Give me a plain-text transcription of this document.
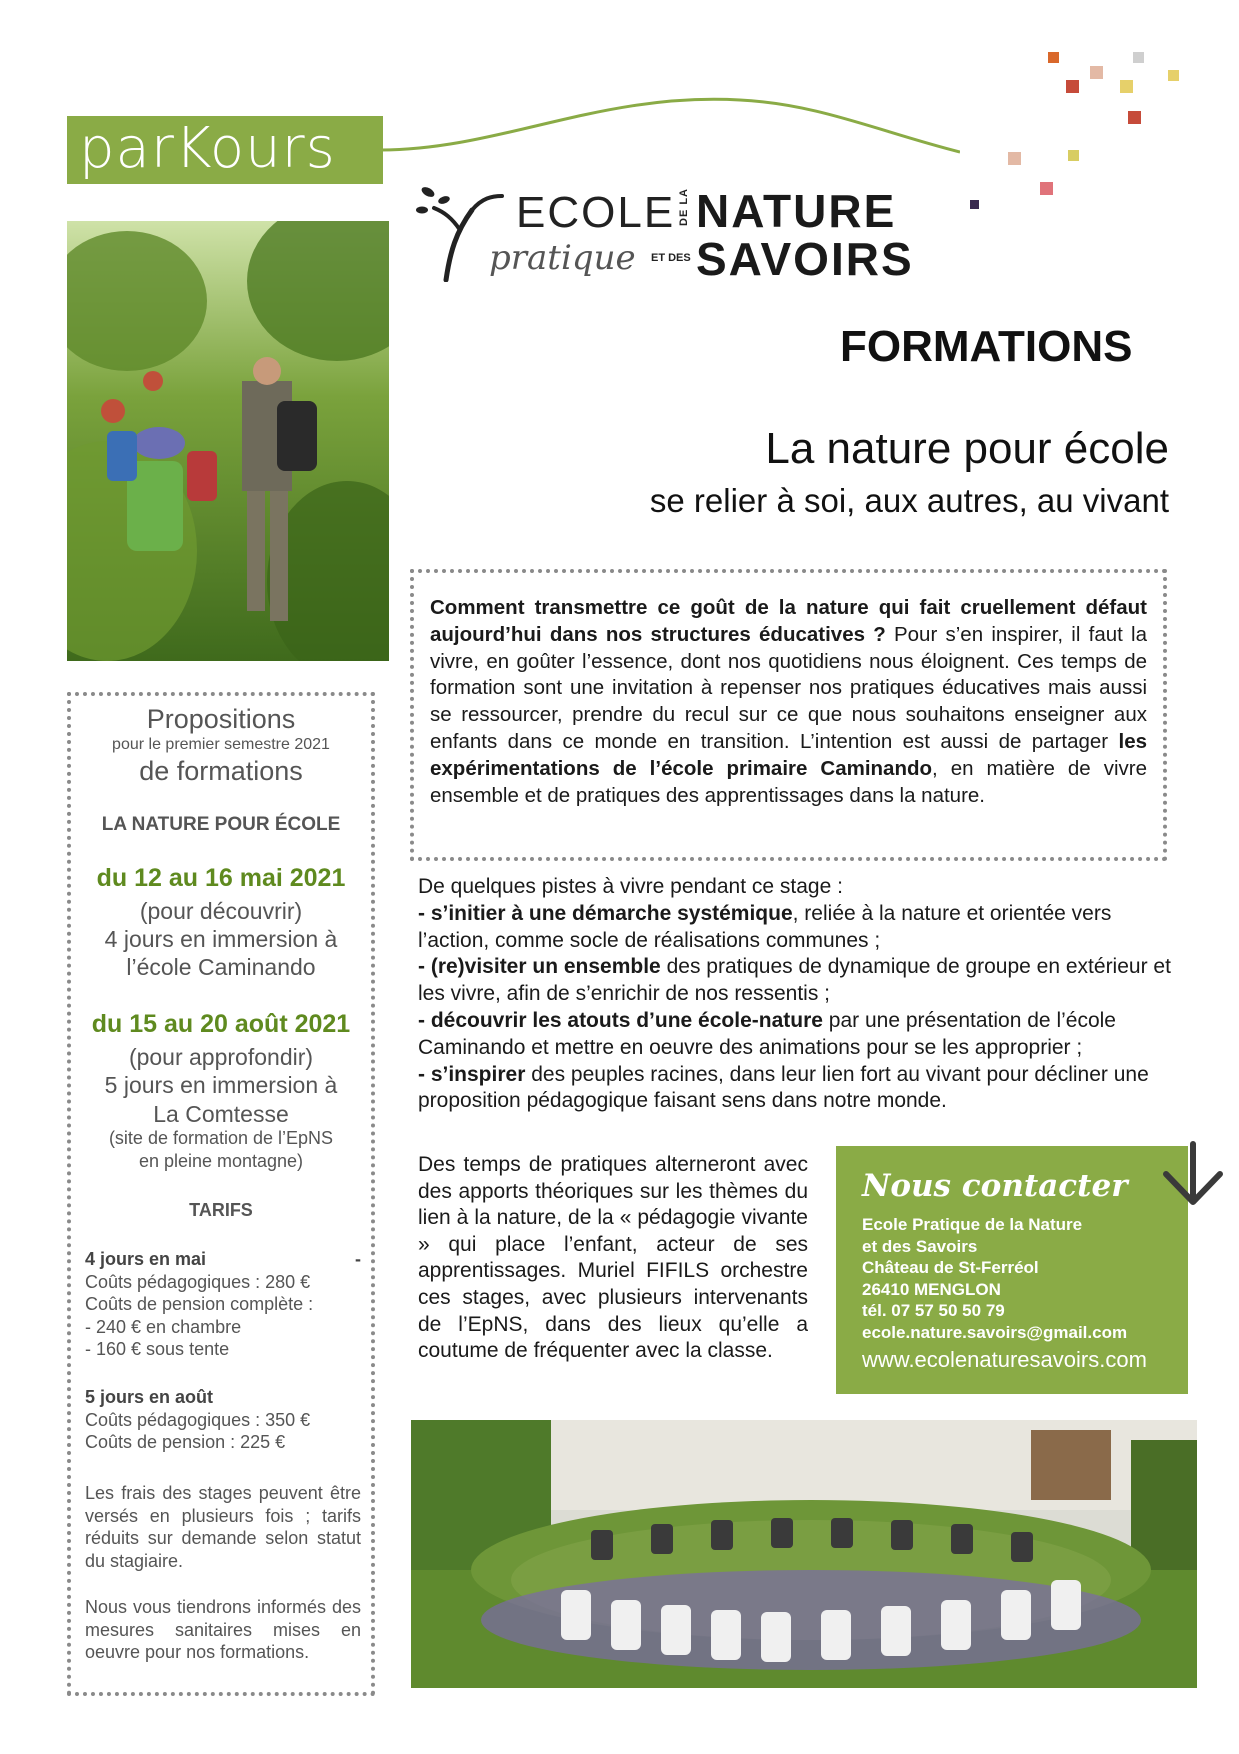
parKours
ECOLE
pratique
DE LA
ET DES
NATURE
SAVOIRS
FORMATIONS
La nature pour école
se relier à soi, aux autres, au vivant
Comment transmettre ce goût de la nature qui fait cruellement défaut aujourd’hui dans nos structures éducatives ? Pour s’en inspirer, il faut la vivre, en goûter l’essence, dont nos quotidiens nous éloignent. Ces temps de formation sont une invitation à repenser nos pratiques éducatives mais aussi se ressourcer, prendre du recul sur ce que nous souhaitons enseigner aux enfants dans ce monde en transition. L’intention est aussi de partager les expérimentations de l’école primaire Caminando, en matière de vivre ensemble et de pratiques des apprentissages dans la nature.

De quelques pistes à vivre pendant ce stage :

- s’initier à une démarche systémique, reliée à la nature et orientée vers l’action, comme socle de réalisations communes ;

- (re)visiter un ensemble des pratiques de dynamique de groupe en extérieur et les vivre, afin de s’enrichir de nos ressentis ;

- découvrir les atouts d’une école-nature par une présentation de l’école Caminando et mettre en oeuvre des animations pour se les approprier ;

- s’inspirer des peuples racines, dans leur lien fort au vivant pour décliner une proposition pédagogique faisant sens dans notre monde.

Des temps de pratiques alterneront avec des apports théoriques sur les thèmes du lien à la nature, de la « pédagogie vivante » qui place l’enfant, acteur de ses apprentissages. Muriel FIFILS orchestre ces stages, avec plusieurs intervenants de l’EpNS, dans des lieux qu’elle a coutume de fréquenter avec la classe.
Nous contacter
Ecole Pratique de la Nature
et des Savoirs
Château de St-Ferréol
26410 MENGLON
tél. 07 57 50 50 79
ecole.nature.savoirs@gmail.com
www.ecolenaturesavoirs.com
Propositions
pour le premier semestre 2021
de formations
LA NATURE POUR ÉCOLE
du 12 au 16 mai 2021
(pour découvrir)
4 jours en immersion à
l’école Caminando
du 15 au 20 août 2021
(pour approfondir)
5 jours en immersion à
La Comtesse
(site de formation de l’EpNS
en pleine montagne)
TARIFS
4 jours en mai	-
Coûts pédagogiques : 280 €
Coûts de pension complète :
- 240 € en chambre
- 160 € sous tente
5 jours en août
Coûts pédagogiques : 350 €
Coûts de pension : 225 €
Les frais des stages peuvent être versés en plusieurs fois ; tarifs réduits sur demande selon statut du stagiaire.
Nous vous tiendrons informés des mesures sanitaires mises en oeuvre pour nos formations.
